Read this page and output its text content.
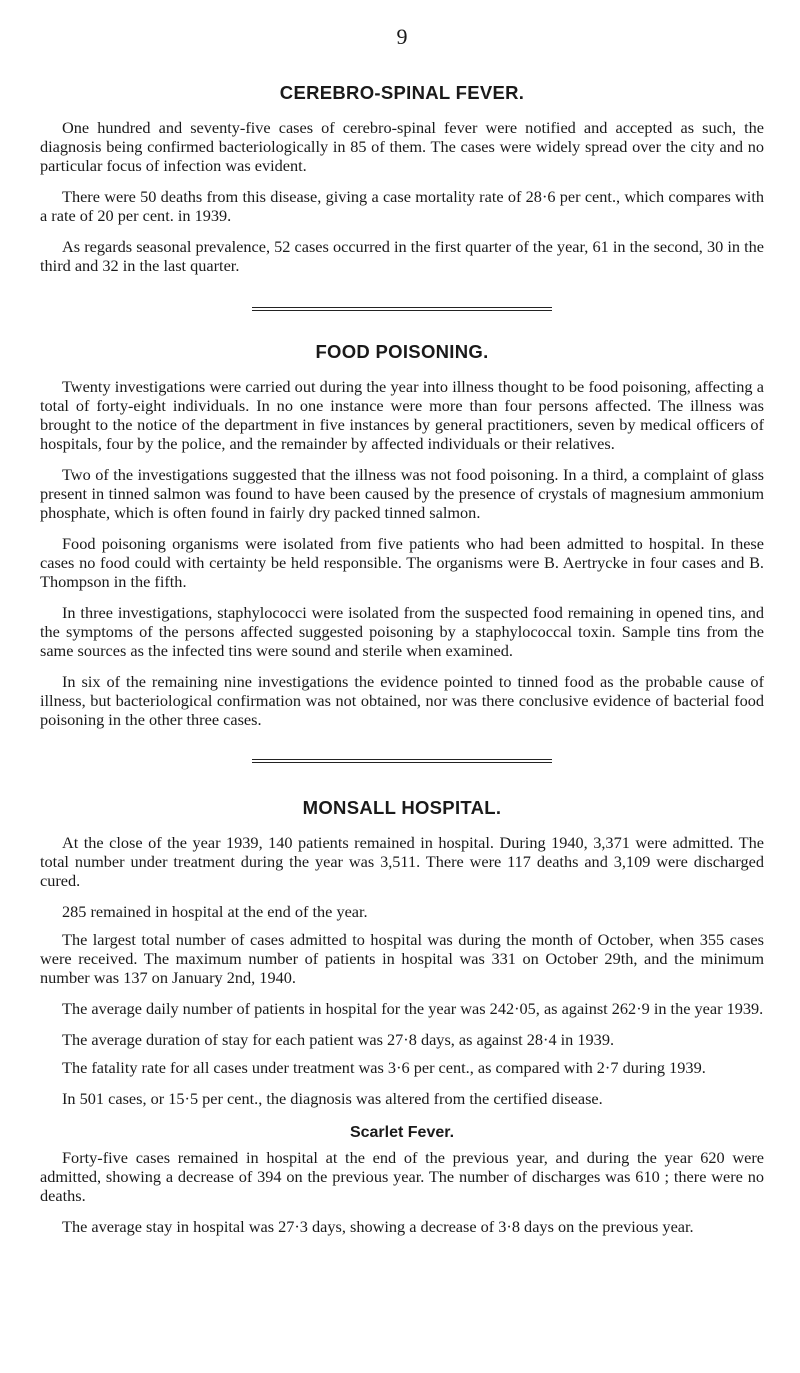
9
CEREBRO-SPINAL FEVER.

One hundred and seventy-five cases of cerebro-spinal fever were notified and accepted as such, the diagnosis being confirmed bacteriologically in 85 of them. The cases were widely spread over the city and no particular focus of infection was evident.

There were 50 deaths from this disease, giving a case mortality rate of 28·6 per cent., which compares with a rate of 20 per cent. in 1939.

As regards seasonal prevalence, 52 cases occurred in the first quarter of the year, 61 in the second, 30 in the third and 32 in the last quarter.

FOOD POISONING.

Twenty investigations were carried out during the year into illness thought to be food poisoning, affecting a total of forty-eight individuals. In no one instance were more than four persons affected. The illness was brought to the notice of the department in five instances by general practitioners, seven by medical officers of hospitals, four by the police, and the remainder by affected individuals or their relatives.

Two of the investigations suggested that the illness was not food poisoning. In a third, a complaint of glass present in tinned salmon was found to have been caused by the presence of crystals of magnesium ammonium phosphate, which is often found in fairly dry packed tinned salmon.

Food poisoning organisms were isolated from five patients who had been admitted to hospital. In these cases no food could with certainty be held responsible. The organisms were B. Aertrycke in four cases and B. Thompson in the fifth.

In three investigations, staphylococci were isolated from the suspected food remaining in opened tins, and the symptoms of the persons affected suggested poisoning by a staphylococcal toxin. Sample tins from the same sources as the infected tins were sound and sterile when examined.

In six of the remaining nine investigations the evidence pointed to tinned food as the probable cause of illness, but bacteriological confirmation was not obtained, nor was there conclusive evidence of bacterial food poisoning in the other three cases.

MONSALL HOSPITAL.

At the close of the year 1939, 140 patients remained in hospital. During 1940, 3,371 were admitted. The total number under treatment during the year was 3,511. There were 117 deaths and 3,109 were discharged cured.

285 remained in hospital at the end of the year.

The largest total number of cases admitted to hospital was during the month of October, when 355 cases were received. The maximum number of patients in hospital was 331 on October 29th, and the minimum number was 137 on January 2nd, 1940.

The average daily number of patients in hospital for the year was 242·05, as against 262·9 in the year 1939.

The average duration of stay for each patient was 27·8 days, as against 28·4 in 1939.

The fatality rate for all cases under treatment was 3·6 per cent., as compared with 2·7 during 1939.

In 501 cases, or 15·5 per cent., the diagnosis was altered from the certified disease.

Scarlet Fever.

Forty-five cases remained in hospital at the end of the previous year, and during the year 620 were admitted, showing a decrease of 394 on the previous year. The number of discharges was 610 ; there were no deaths.

The average stay in hospital was 27·3 days, showing a decrease of 3·8 days on the previous year.
